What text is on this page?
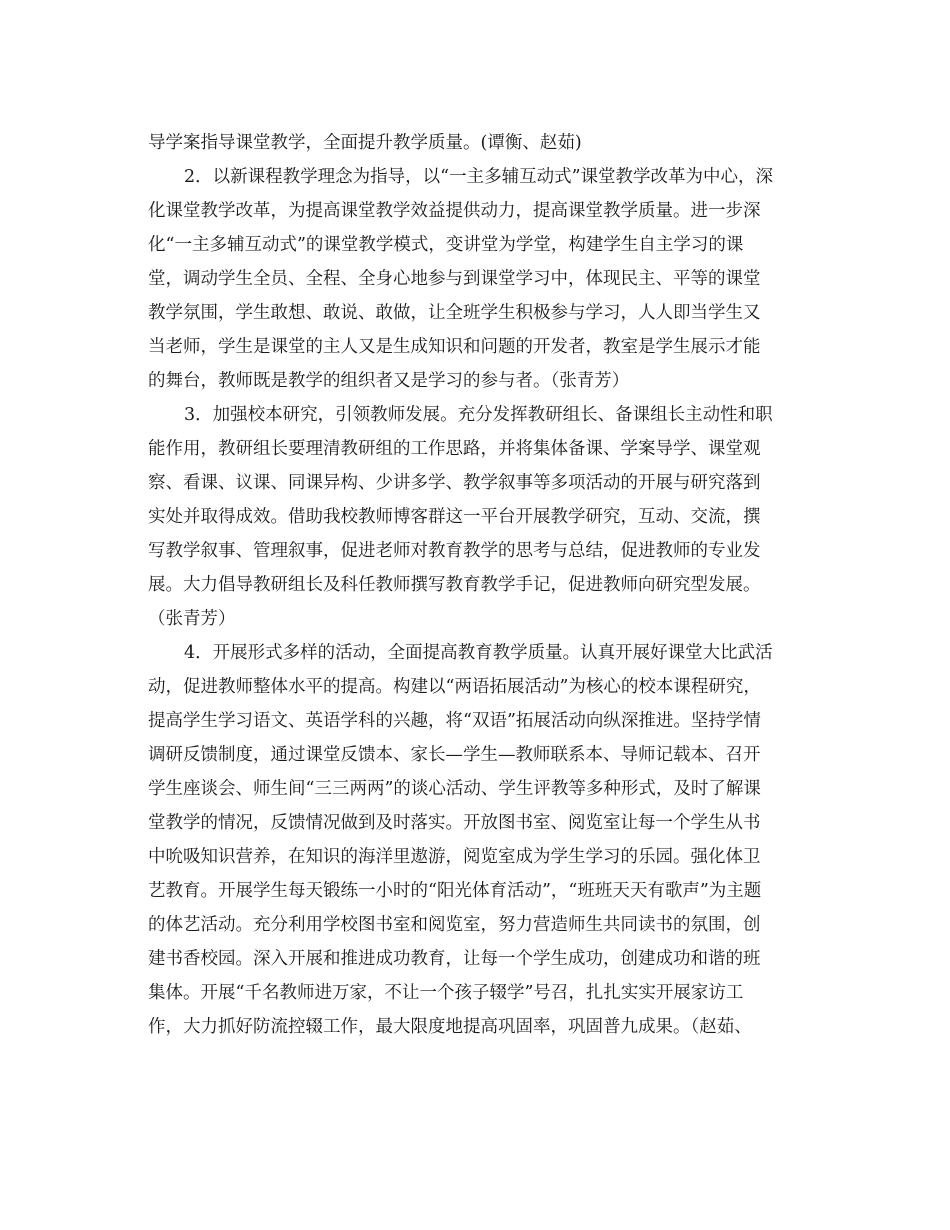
导学案指导课堂教学，全面提升教学质量。(谭衡、赵茹)

2．以新课程教学理念为指导，以“一主多辅互动式”课堂教学改革为中心，深

化课堂教学改革，为提高课堂教学效益提供动力，提高课堂教学质量。进一步深

化“一主多辅互动式”的课堂教学模式，变讲堂为学堂，构建学生自主学习的课

堂，调动学生全员、全程、全身心地参与到课堂学习中，体现民主、平等的课堂

教学氛围，学生敢想、敢说、敢做，让全班学生积极参与学习，人人即当学生又

当老师，学生是课堂的主人又是生成知识和问题的开发者，教室是学生展示才能

的舞台，教师既是教学的组织者又是学习的参与者。（张青芳）

3．加强校本研究，引领教师发展。充分发挥教研组长、备课组长主动性和职

能作用，教研组长要理清教研组的工作思路，并将集体备课、学案导学、课堂观

察、看课、议课、同课异构、少讲多学、教学叙事等多项活动的开展与研究落到

实处并取得成效。借助我校教师博客群这一平台开展教学研究，互动、交流，撰

写教学叙事、管理叙事，促进老师对教育教学的思考与总结，促进教师的专业发

展。大力倡导教研组长及科任教师撰写教育教学手记，促进教师向研究型发展。

（张青芳）

4．开展形式多样的活动，全面提高教育教学质量。认真开展好课堂大比武活

动，促进教师整体水平的提高。构建以“两语拓展活动”为核心的校本课程研究，

提高学生学习语文、英语学科的兴趣，将“双语”拓展活动向纵深推进。坚持学情

调研反馈制度，通过课堂反馈本、家长—学生—教师联系本、导师记载本、召开

学生座谈会、师生间“三三两两”的谈心活动、学生评教等多种形式，及时了解课

堂教学的情况，反馈情况做到及时落实。开放图书室、阅览室让每一个学生从书

中吮吸知识营养，在知识的海洋里遨游，阅览室成为学生学习的乐园。强化体卫

艺教育。开展学生每天锻练一小时的“阳光体育活动”，“班班天天有歌声”为主题

的体艺活动。充分利用学校图书室和阅览室，努力营造师生共同读书的氛围，创

建书香校园。深入开展和推进成功教育，让每一个学生成功，创建成功和谐的班

集体。开展“千名教师进万家，不让一个孩子辍学”号召，扎扎实实开展家访工

作，大力抓好防流控辍工作，最大限度地提高巩固率，巩固普九成果。（赵茹、
